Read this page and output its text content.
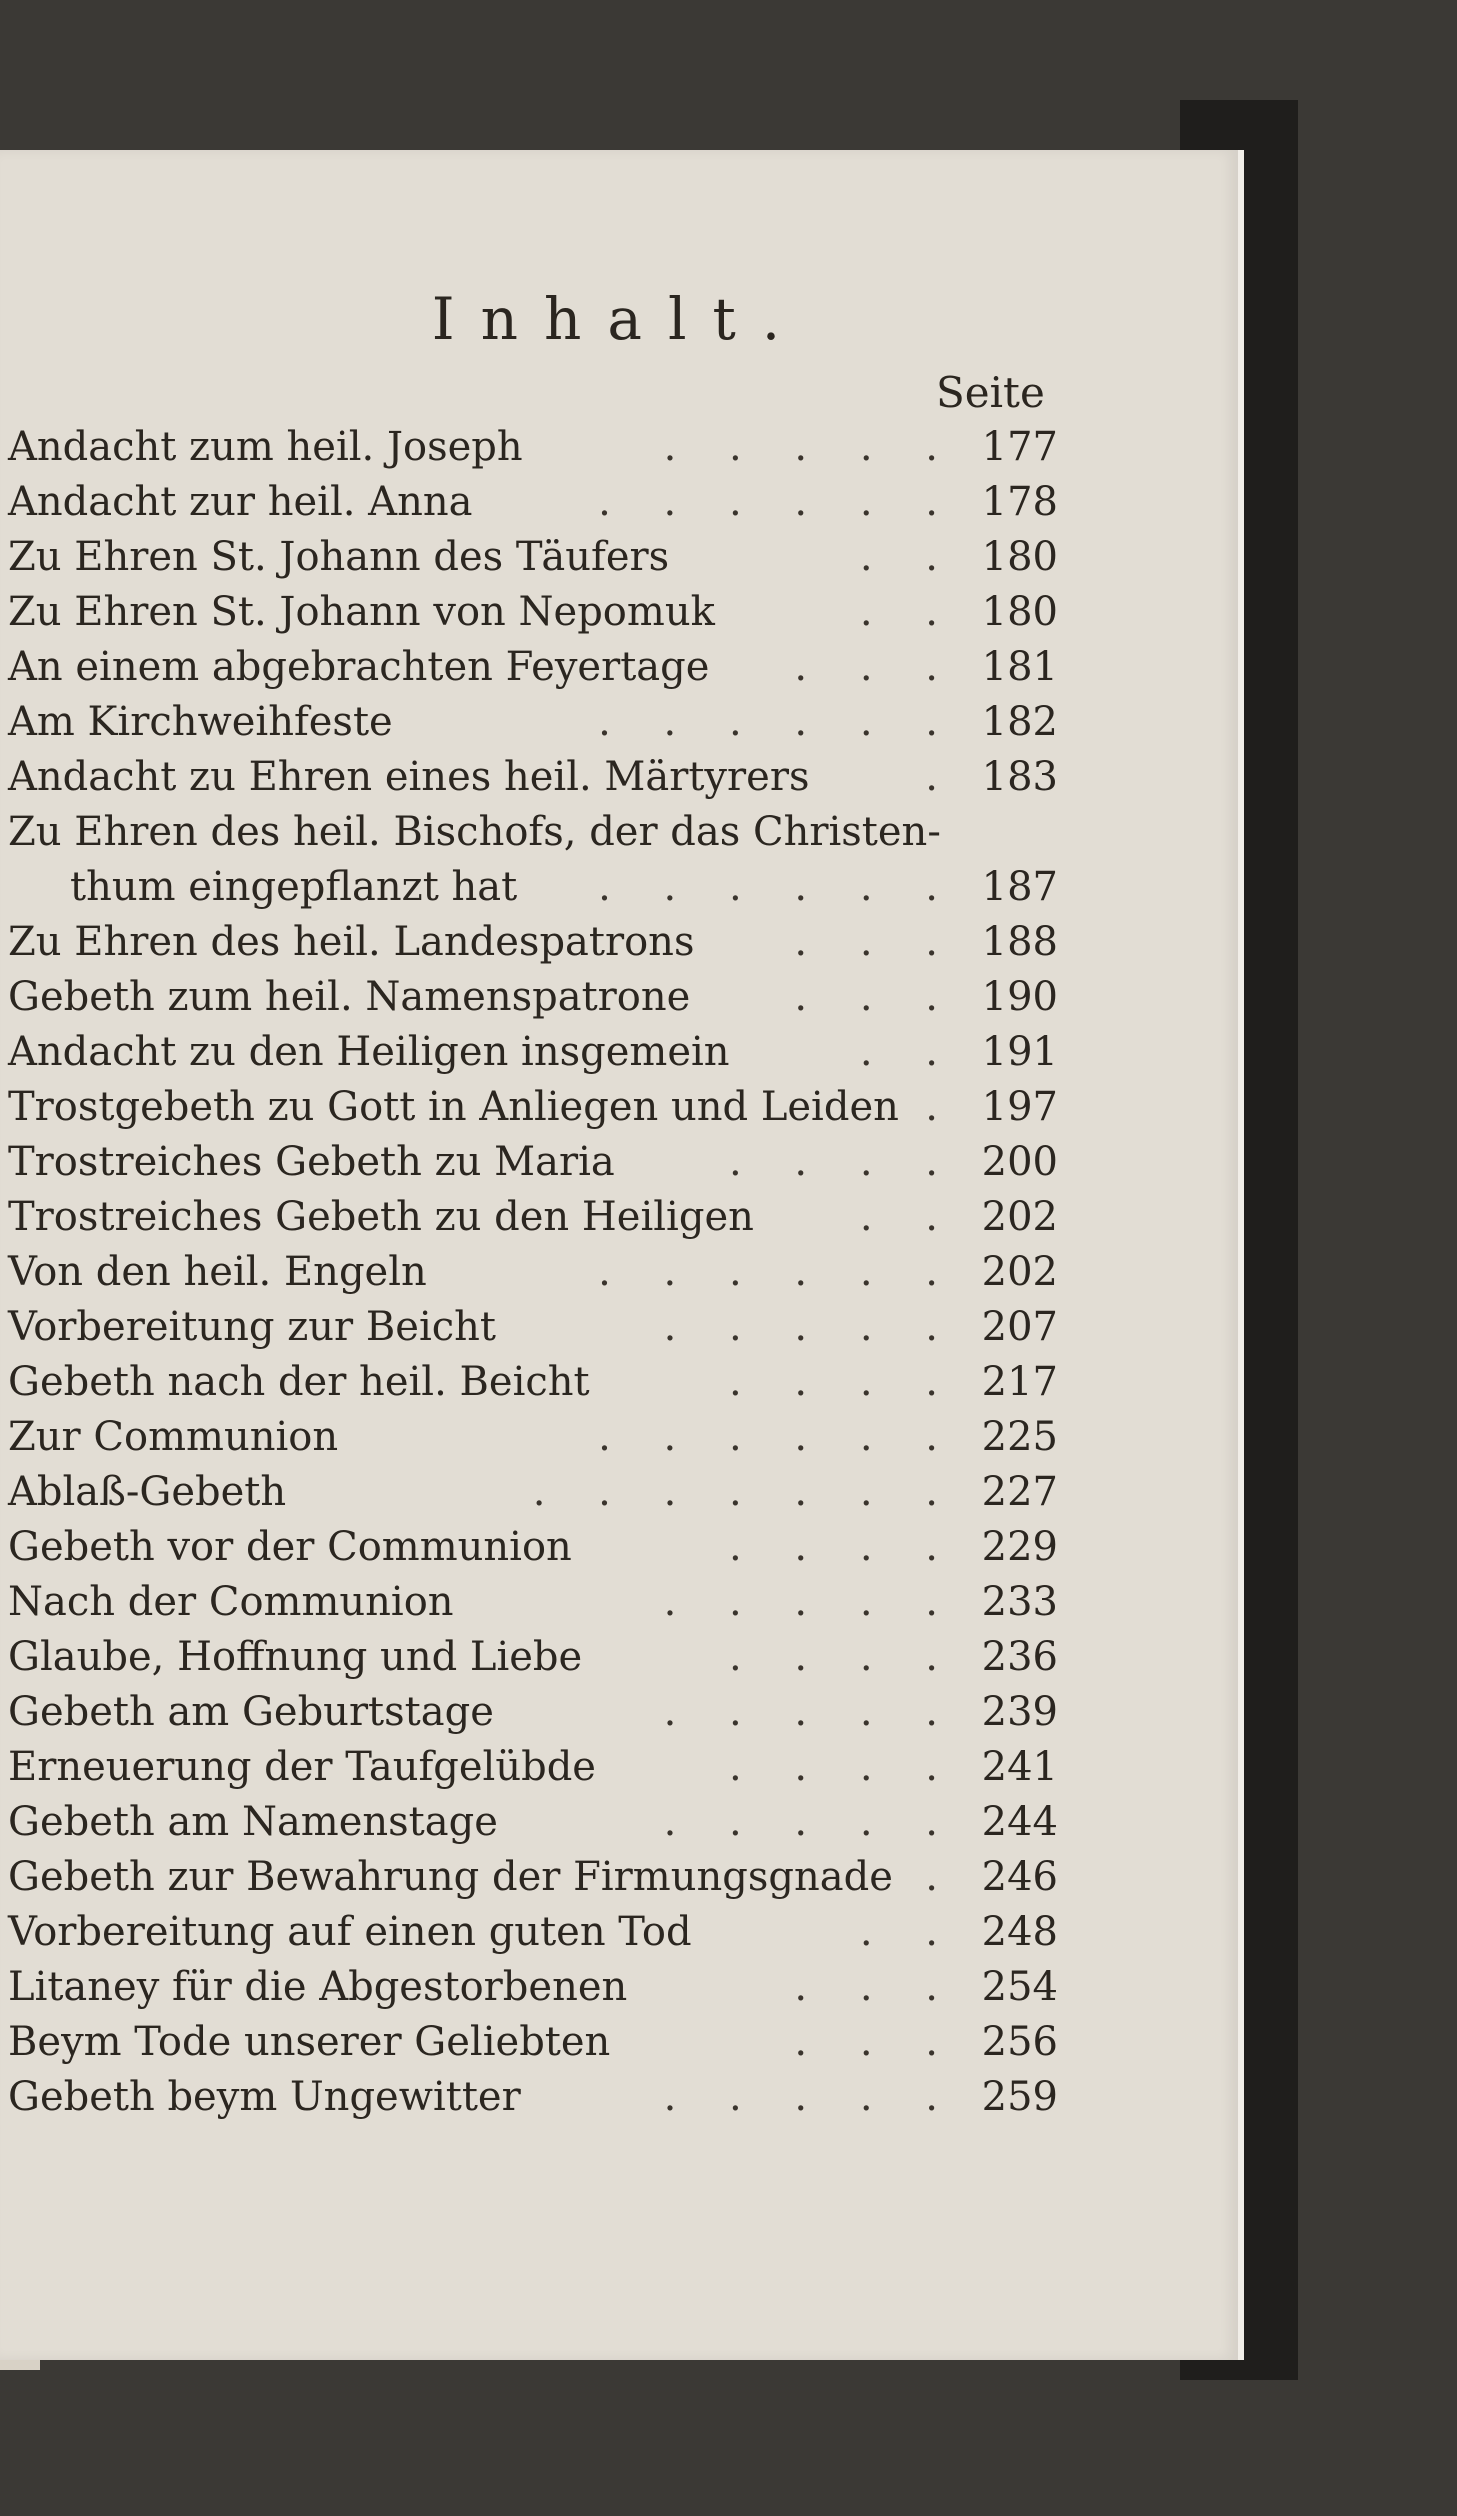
Inhalt.
Seite
Andacht zum heil. Joseph	. . . . . 177
Andacht zur heil. Anna	. . . . . . 178
Zu Ehren St. Johann des Täufers	. . 180
Zu Ehren St. Johann von Nepomuk	. . 180
An einem abgebrachten Feyertage . . . 181
Am Kirchweihfeste	. . . . . . 182
Andacht zu Ehren eines heil. Märtyrers	. 183
Zu Ehren des heil. Bischofs, der das Christen-
thum eingepflanzt hat . . . . . . 187
Zu Ehren des heil. Landespatrons . . . 188
Gebeth zum heil. Namenspatrone	. . . 190
Andacht zu den Heiligen insgemein	. . 191
Trostgebeth zu Gott in Anliegen und Leiden . 197
Trostreiches Gebeth zu Maria	. . . . 200
Trostreiches Gebeth zu den Heiligen	. . 202
Von den heil. Engeln	. . . . . . 202
Vorbereitung zur Beicht	. . . . . 207
Gebeth nach der heil. Beicht	. . . . 217
Zur Communion	. . . . . . 225
Ablaß-Gebeth	. . . . . . . 227
Gebeth vor der Communion	. . . . 229
Nach der Communion	. . . . . 233
Glaube, Hoffnung und Liebe	. . . . 236
Gebeth am Geburtstage	. . . . . 239
Erneuerung der Taufgelübde	. . . . 241
Gebeth am Namenstage	. . . . . 244
Gebeth zur Bewahrung der Firmungsgnade . 246
Vorbereitung auf einen guten Tod	. . 248
Litaney für die Abgestorbenen	. . . 254
Beym Tode unserer Geliebten	. . . 256
Gebeth beym Ungewitter	. . . . . 259
